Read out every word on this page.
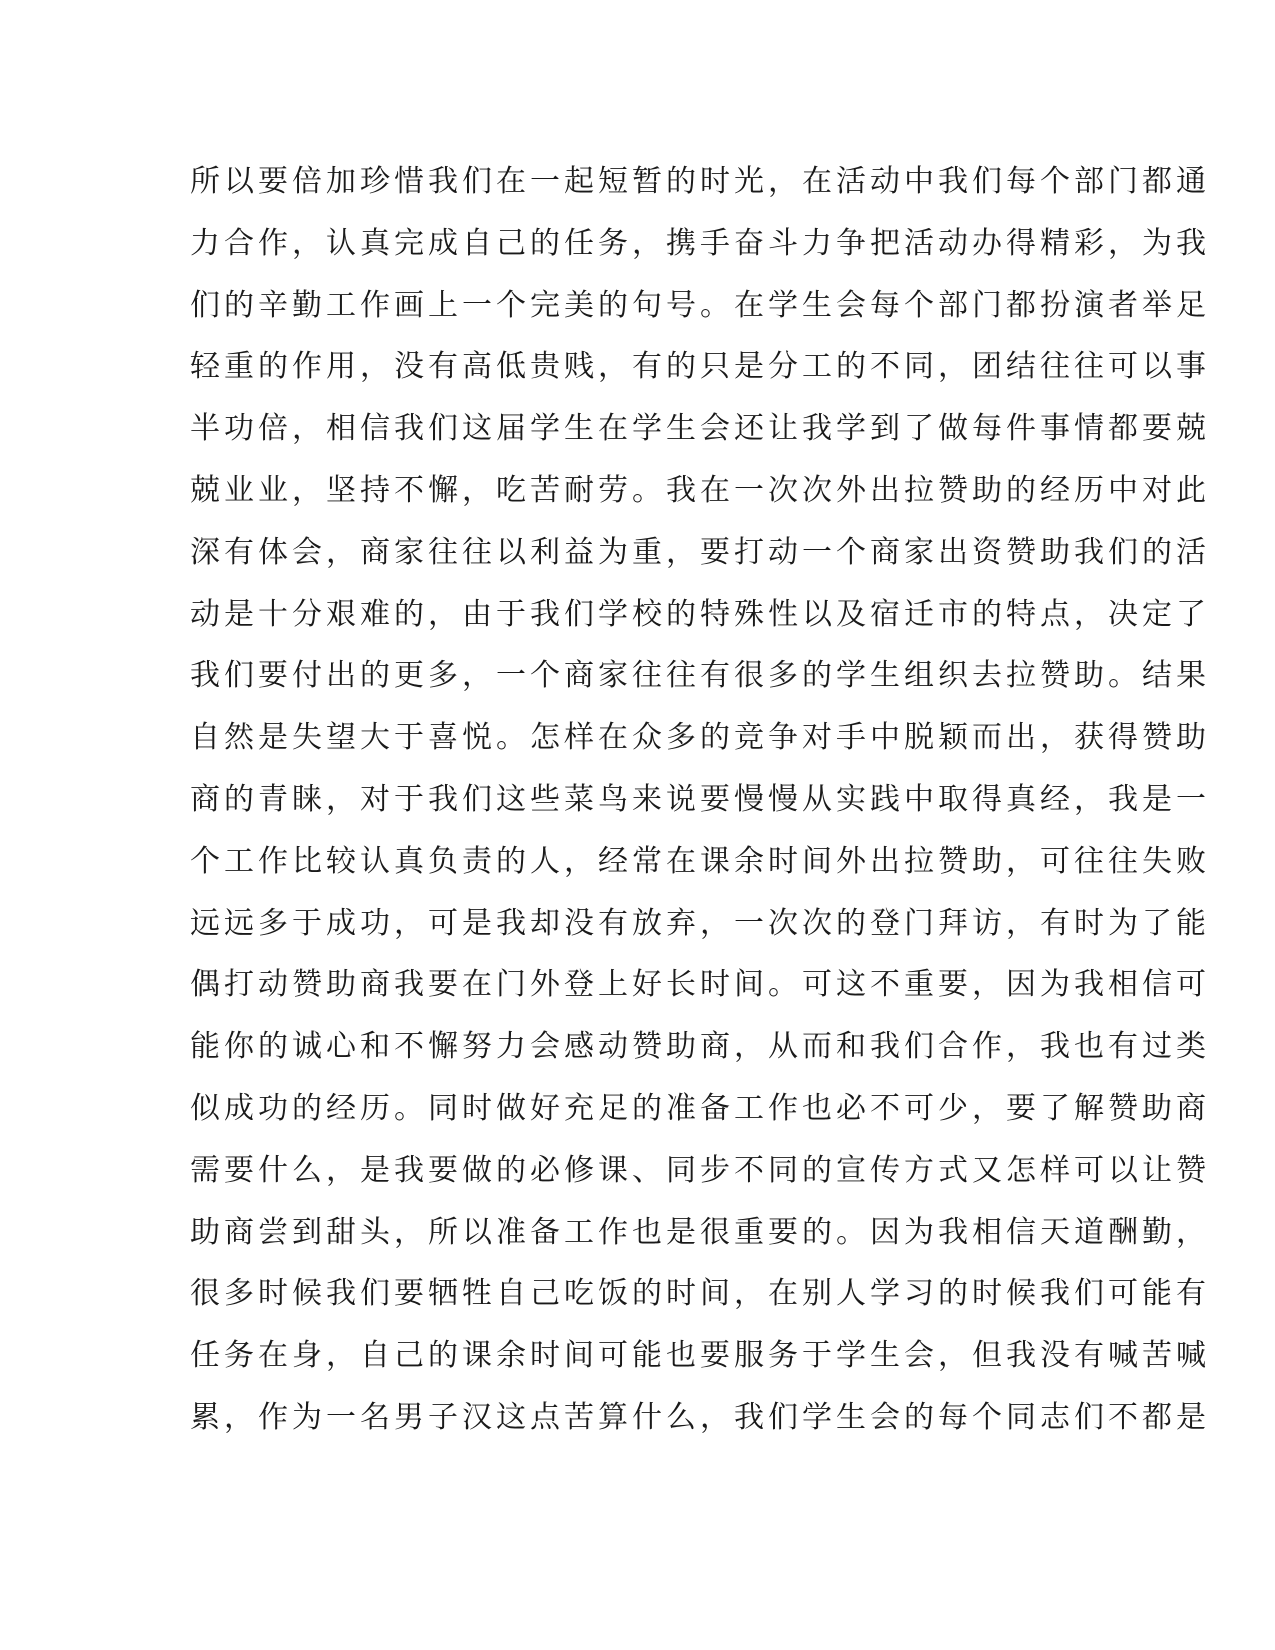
所以要倍加珍惜我们在一起短暂的时光，在活动中我们每个部门都通
力合作，认真完成自己的任务，携手奋斗力争把活动办得精彩，为我
们的辛勤工作画上一个完美的句号。在学生会每个部门都扮演者举足
轻重的作用，没有高低贵贱，有的只是分工的不同，团结往往可以事
半功倍，相信我们这届学生在学生会还让我学到了做每件事情都要兢
兢业业，坚持不懈，吃苦耐劳。我在一次次外出拉赞助的经历中对此
深有体会，商家往往以利益为重，要打动一个商家出资赞助我们的活
动是十分艰难的，由于我们学校的特殊性以及宿迁市的特点，决定了
我们要付出的更多，一个商家往往有很多的学生组织去拉赞助。结果
自然是失望大于喜悦。怎样在众多的竞争对手中脱颖而出，获得赞助
商的青睐，对于我们这些菜鸟来说要慢慢从实践中取得真经，我是一
个工作比较认真负责的人，经常在课余时间外出拉赞助，可往往失败
远远多于成功，可是我却没有放弃，一次次的登门拜访，有时为了能
偶打动赞助商我要在门外登上好长时间。可这不重要，因为我相信可
能你的诚心和不懈努力会感动赞助商，从而和我们合作，我也有过类
似成功的经历。同时做好充足的准备工作也必不可少，要了解赞助商
需要什么，是我要做的必修课、同步不同的宣传方式又怎样可以让赞
助商尝到甜头，所以准备工作也是很重要的。因为我相信天道酬勤，
很多时候我们要牺牲自己吃饭的时间，在别人学习的时候我们可能有
任务在身，自己的课余时间可能也要服务于学生会，但我没有喊苦喊
累，作为一名男子汉这点苦算什么，我们学生会的每个同志们不都是
